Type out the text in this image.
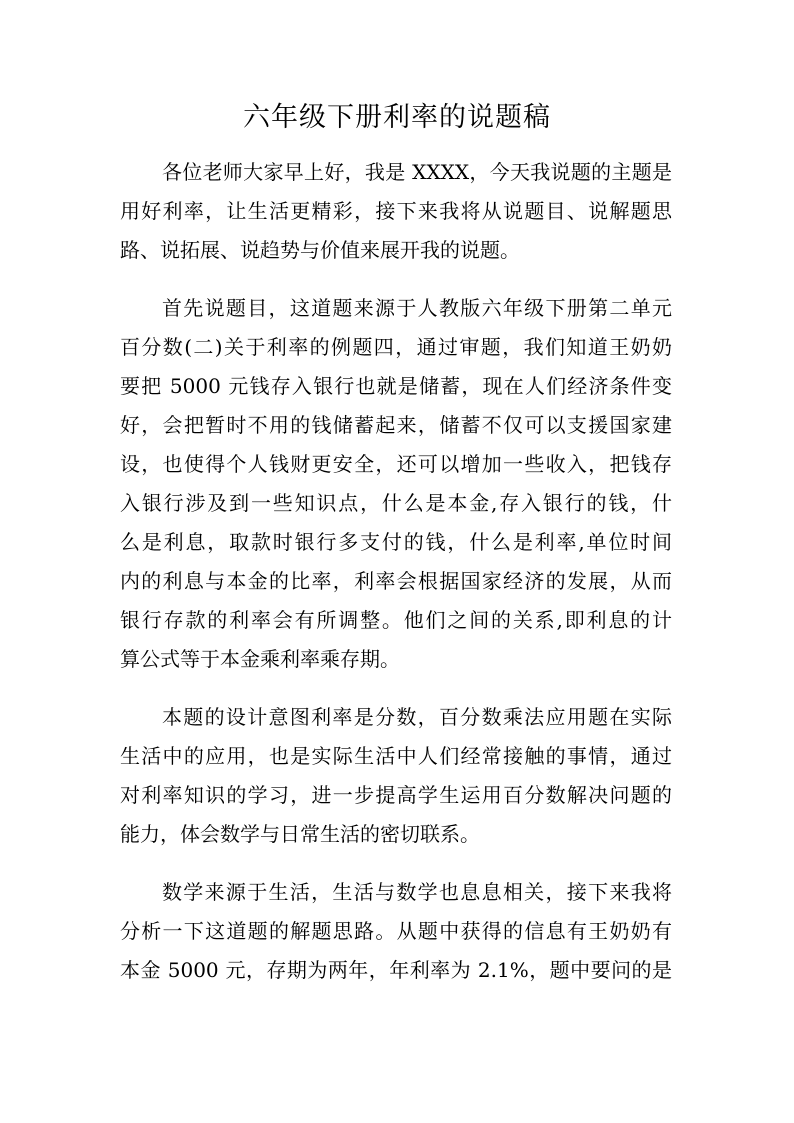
六年级下册利率的说题稿
各位老师大家早上好，我是 XXXX，今天我说题的主题是
用好利率，让生活更精彩，接下来我将从说题目、说解题思
路、说拓展、说趋势与价值来展开我的说题。
首先说题目，这道题来源于人教版六年级下册第二单元
百分数(二)关于利率的例题四，通过审题，我们知道王奶奶
要把 5000 元钱存入银行也就是储蓄，现在人们经济条件变
好，会把暂时不用的钱储蓄起来，储蓄不仅可以支援国家建
设，也使得个人钱财更安全，还可以增加一些收入，把钱存
入银行涉及到一些知识点，什么是本金,存入银行的钱，什
么是利息，取款时银行多支付的钱，什么是利率,单位时间
内的利息与本金的比率，利率会根据国家经济的发展，从而
银行存款的利率会有所调整。他们之间的关系,即利息的计
算公式等于本金乘利率乘存期。
本题的设计意图利率是分数，百分数乘法应用题在实际
生活中的应用，也是实际生活中人们经常接触的事情，通过
对利率知识的学习，进一步提高学生运用百分数解决问题的
能力，体会数学与日常生活的密切联系。
数学来源于生活，生活与数学也息息相关，接下来我将
分析一下这道题的解题思路。从题中获得的信息有王奶奶有
本金 5000 元，存期为两年，年利率为 2.1%，题中要问的是
